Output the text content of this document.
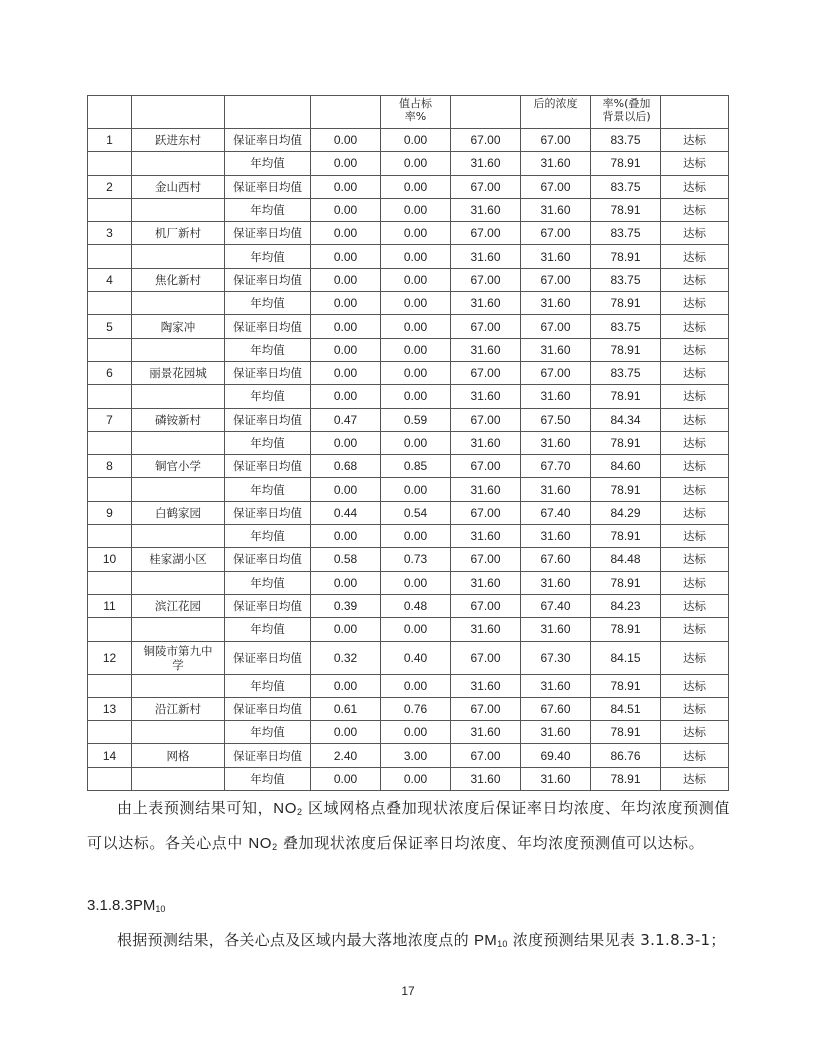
				值占标率%		后的浓度	率%(叠加背景以后)	
1	跃进东村	保证率日均值	0.00	0.00	67.00	67.00	83.75	达标
		年均值	0.00	0.00	31.60	31.60	78.91	达标
2	金山西村	保证率日均值	0.00	0.00	67.00	67.00	83.75	达标
		年均值	0.00	0.00	31.60	31.60	78.91	达标
3	机厂新村	保证率日均值	0.00	0.00	67.00	67.00	83.75	达标
		年均值	0.00	0.00	31.60	31.60	78.91	达标
4	焦化新村	保证率日均值	0.00	0.00	67.00	67.00	83.75	达标
		年均值	0.00	0.00	31.60	31.60	78.91	达标
5	陶家冲	保证率日均值	0.00	0.00	67.00	67.00	83.75	达标
		年均值	0.00	0.00	31.60	31.60	78.91	达标
6	丽景花园城	保证率日均值	0.00	0.00	67.00	67.00	83.75	达标
		年均值	0.00	0.00	31.60	31.60	78.91	达标
7	磷铵新村	保证率日均值	0.47	0.59	67.00	67.50	84.34	达标
		年均值	0.00	0.00	31.60	31.60	78.91	达标
8	铜官小学	保证率日均值	0.68	0.85	67.00	67.70	84.60	达标
		年均值	0.00	0.00	31.60	31.60	78.91	达标
9	白鹤家园	保证率日均值	0.44	0.54	67.00	67.40	84.29	达标
		年均值	0.00	0.00	31.60	31.60	78.91	达标
10	桂家湖小区	保证率日均值	0.58	0.73	67.00	67.60	84.48	达标
		年均值	0.00	0.00	31.60	31.60	78.91	达标
11	滨江花园	保证率日均值	0.39	0.48	67.00	67.40	84.23	达标
		年均值	0.00	0.00	31.60	31.60	78.91	达标
12	铜陵市第九中学	保证率日均值	0.32	0.40	67.00	67.30	84.15	达标
		年均值	0.00	0.00	31.60	31.60	78.91	达标
13	沿江新村	保证率日均值	0.61	0.76	67.00	67.60	84.51	达标
		年均值	0.00	0.00	31.60	31.60	78.91	达标
14	网格	保证率日均值	2.40	3.00	67.00	69.40	86.76	达标
		年均值	0.00	0.00	31.60	31.60	78.91	达标
由上表预测结果可知，$NO_2$ 区域网格点叠加现状浓度后保证率日均浓度、年均浓度预测值可以达标。各关心点中 $NO_2$ 叠加现状浓度后保证率日均浓度、年均浓度预测值可以达标。
$3.1.8.3PM_{10}$
根据预测结果，各关心点及区域内最大落地浓度点的 $PM_{10}$ 浓度预测结果见表 3.1.8.3-1；
17
